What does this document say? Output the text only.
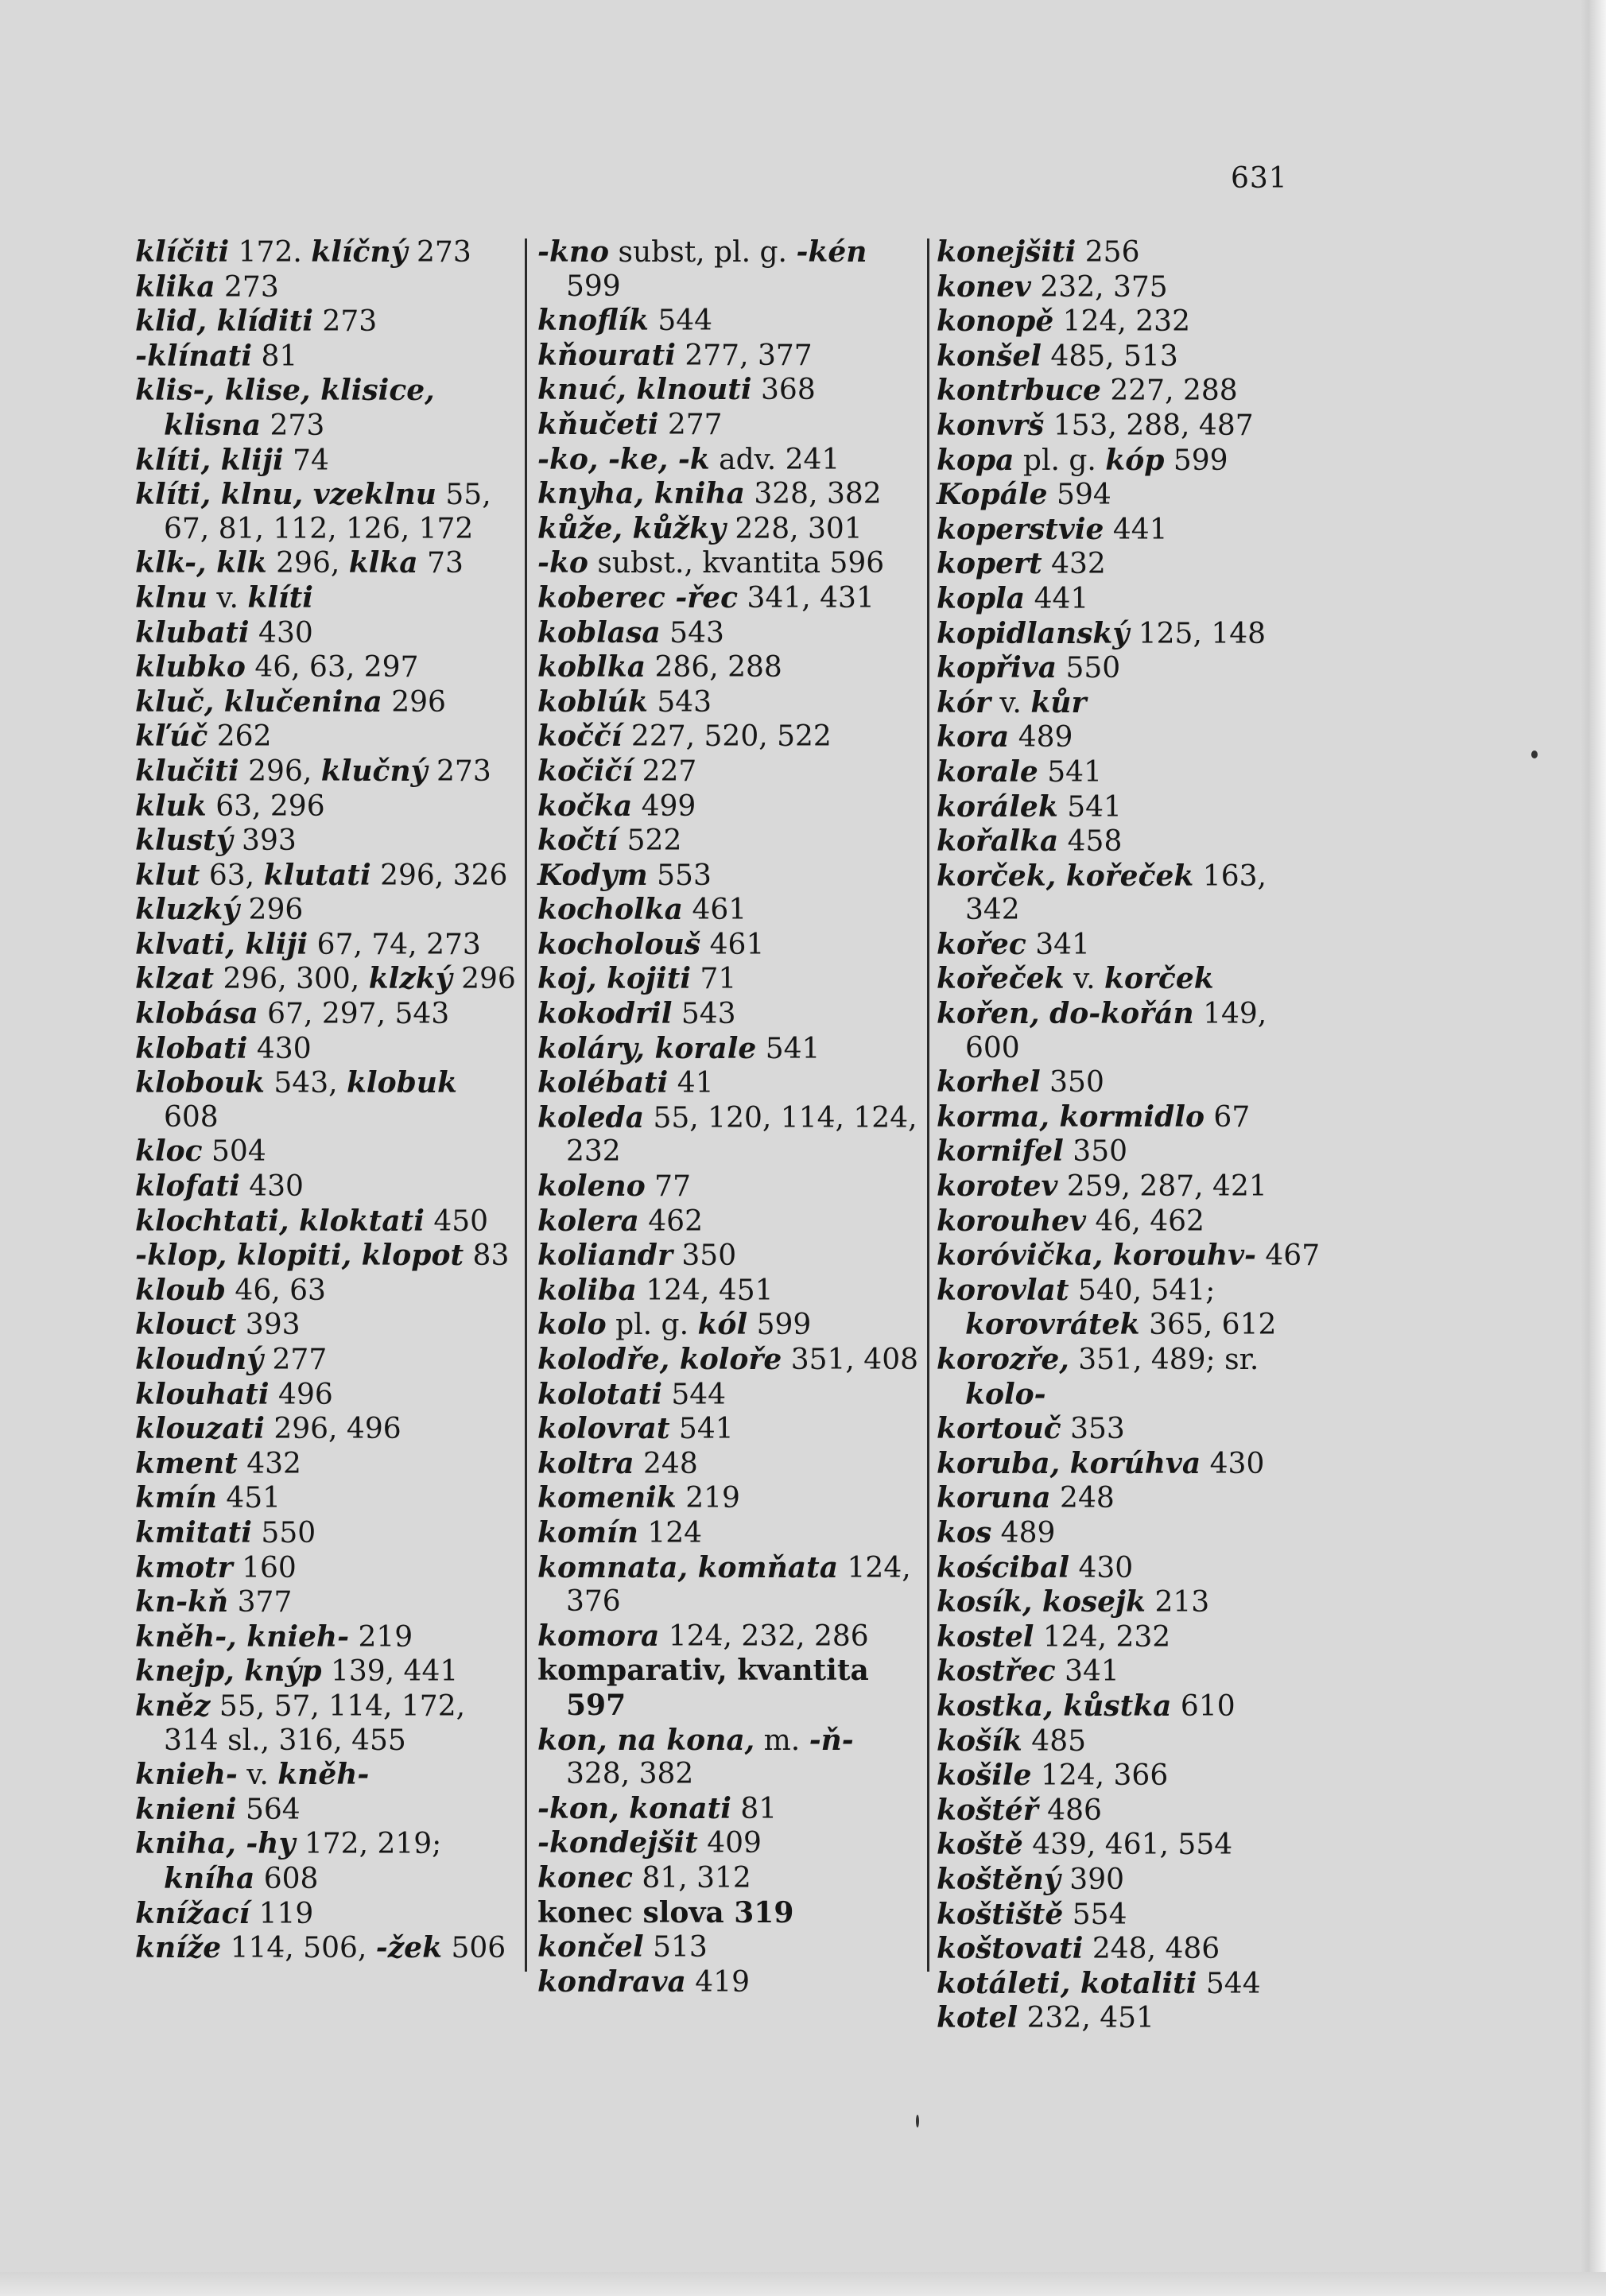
631

klíčiti 172. klíčný 273

klika 273

klid, klíditi 273

-klínati 81

klis-, klise, klisice, klisna 273

klíti, kliji 74

klíti, klnu, vzeklnu 55, 67, 81, 112, 126, 172

klk-, klk 296, klka 73

klnu v. klíti

klubati 430

klubko 46, 63, 297

kluč, klučenina 296

kľúč 262

klučiti 296, klučný 273

kluk 63, 296

klustý 393

klut 63, klutati 296, 326

kluzký 296

klvati, kliji 67, 74, 273

klzat 296, 300, klzký 296

klobása 67, 297, 543

klobati 430

klobouk 543, klobuk 608

kloc 504

klofati 430

klochtati, kloktati 450

-klop, klopiti, klopot 83

kloub 46, 63

klouct 393

kloudný 277

klouhati 496

klouzati 296, 496

kment 432

kmín 451

kmitati 550

kmotr 160

kn-kň 377

kněh-, knieh- 219

knejp, knýp 139, 441

kněz 55, 57, 114, 172, 314 sl., 316, 455

knieh- v. kněh-

knieni 564

kniha, -hy 172, 219; kníha 608

knížací 119

kníže 114, 506, -žek 506

-kno subst, pl. g. -kén 599

knoflík 544

kňourati 277, 377

knuć, klnouti 368

kňučeti 277

-ko, -ke, -k adv. 241

knyha, kniha 328, 382

kůže, kůžky 228, 301

-ko subst., kvantita 596

koberec -řec 341, 431

koblasa 543

koblka 286, 288

koblúk 543

koččí 227, 520, 522

kočičí 227

kočka 499

kočtí 522

Kodym 553

kocholka 461

kocholouš 461

koj, kojiti 71

kokodril 543

koláry, korale 541

kolébati 41

koleda 55, 120, 114, 124, 232

koleno 77

kolera 462

koliandr 350

koliba 124, 451

kolo pl. g. kól 599

kolodře, koloře 351, 408

kolotati 544

kolovrat 541

koltra 248

komenik 219

komín 124

komnata, komňata 124, 376

komora 124, 232, 286

komparativ, kvantita 597

kon, na kona, m. -ň- 328, 382

-kon, konati 81

-kondejšit 409

konec 81, 312

konec slova 319

končel 513

kondrava 419

konejšiti 256

konev 232, 375

konopě 124, 232

konšel 485, 513

kontrbuce 227, 288

konvrš 153, 288, 487

kopa pl. g. kóp 599

Kopále 594

koperstvie 441

kopert 432

kopla 441

kopidlanský 125, 148

kopřiva 550

kór v. kůr

kora 489

korale 541

korálek 541

kořalka 458

korček, kořeček 163, 342

kořec 341

kořeček v. korček

kořen, do-kořán 149, 600

korhel 350

korma, kormidlo 67

kornifel 350

korotev 259, 287, 421

korouhev 46, 462

koróvička, korouhv- 467

korovlat 540, 541; korovrátek 365, 612

korozře, 351, 489; sr. kolo-

kortouč 353

koruba, korúhva 430

koruna 248

kos 489

kościbal 430

kosík, kosejk 213

kostel 124, 232

kostřec 341

kostka, kůstka 610

košík 485

košile 124, 366

koštéř 486

koště 439, 461, 554

koštěný 390

koštiště 554

koštovati 248, 486

kotáleti, kotaliti 544

kotel 232, 451
